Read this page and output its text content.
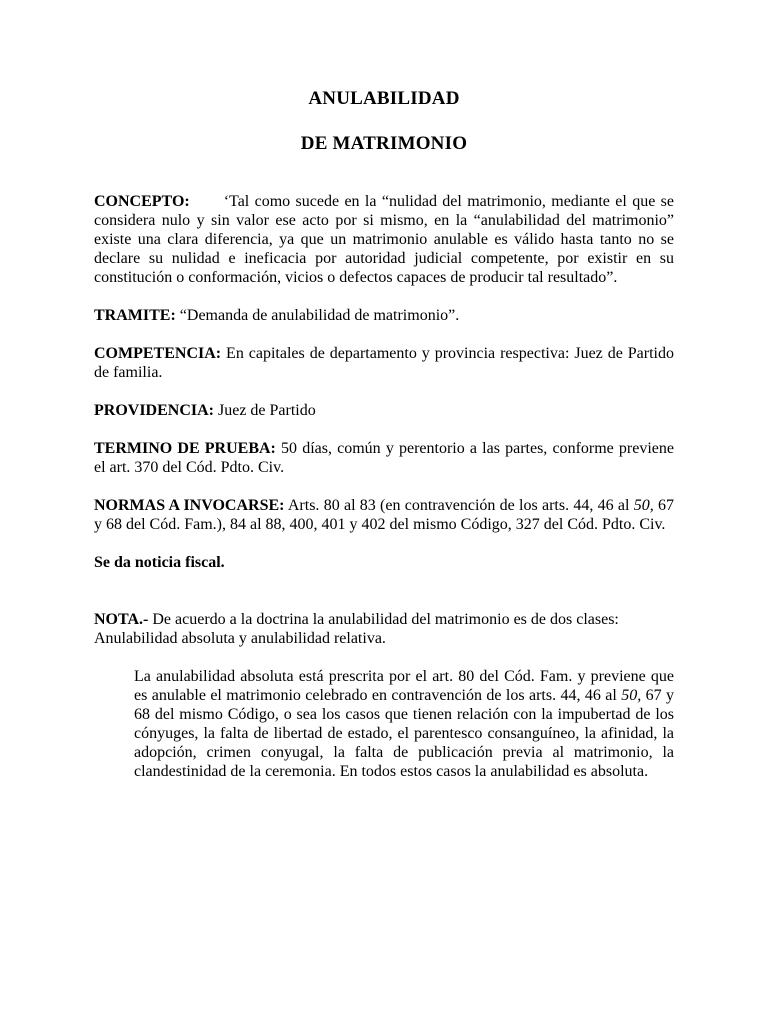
ANULABILIDAD
DE MATRIMONIO

CONCEPTO: ‘Tal como sucede en la “nulidad del matrimonio, mediante el que se considera nulo y sin valor ese acto por si mismo, en la “anulabilidad del matrimonio” existe una clara diferencia, ya que un matrimonio anulable es válido hasta tanto no se declare su nulidad e ineficacia por autoridad judicial competente, por existir en su constitución o conformación, vicios o defectos capaces de producir tal resultado”.

TRAMITE: “Demanda de anulabilidad de matrimonio”.

COMPETENCIA: En capitales de departamento y provincia respectiva: Juez de Partido de familia.

PROVIDENCIA: Juez de Partido

TERMINO DE PRUEBA: 50 días, común y perentorio a las partes, conforme previene el art. 370 del Cód. Pdto. Civ.

NORMAS A INVOCARSE: Arts. 80 al 83 (en contravención de los arts. 44, 46 al 50, 67 y 68 del Cód. Fam.), 84 al 88, 400, 401 y 402 del mismo Código, 327 del Cód. Pdto. Civ.

Se da noticia fiscal.

NOTA.- De acuerdo a la doctrina la anulabilidad del matrimonio es de dos clases:

Anulabilidad absoluta y anulabilidad relativa.

La anulabilidad absoluta está prescrita por el art. 80 del Cód. Fam. y previene que es anulable el matrimonio celebrado en contravención de los arts. 44, 46 al 50, 67 y 68 del mismo Código, o sea los casos que tienen relación con la impubertad de los cónyuges, la falta de libertad de estado, el parentesco consanguíneo, la afinidad, la adopción, crimen conyugal, la falta de publicación previa al matrimonio, la clandestinidad de la ceremonia. En todos estos casos la anulabilidad es absoluta.
